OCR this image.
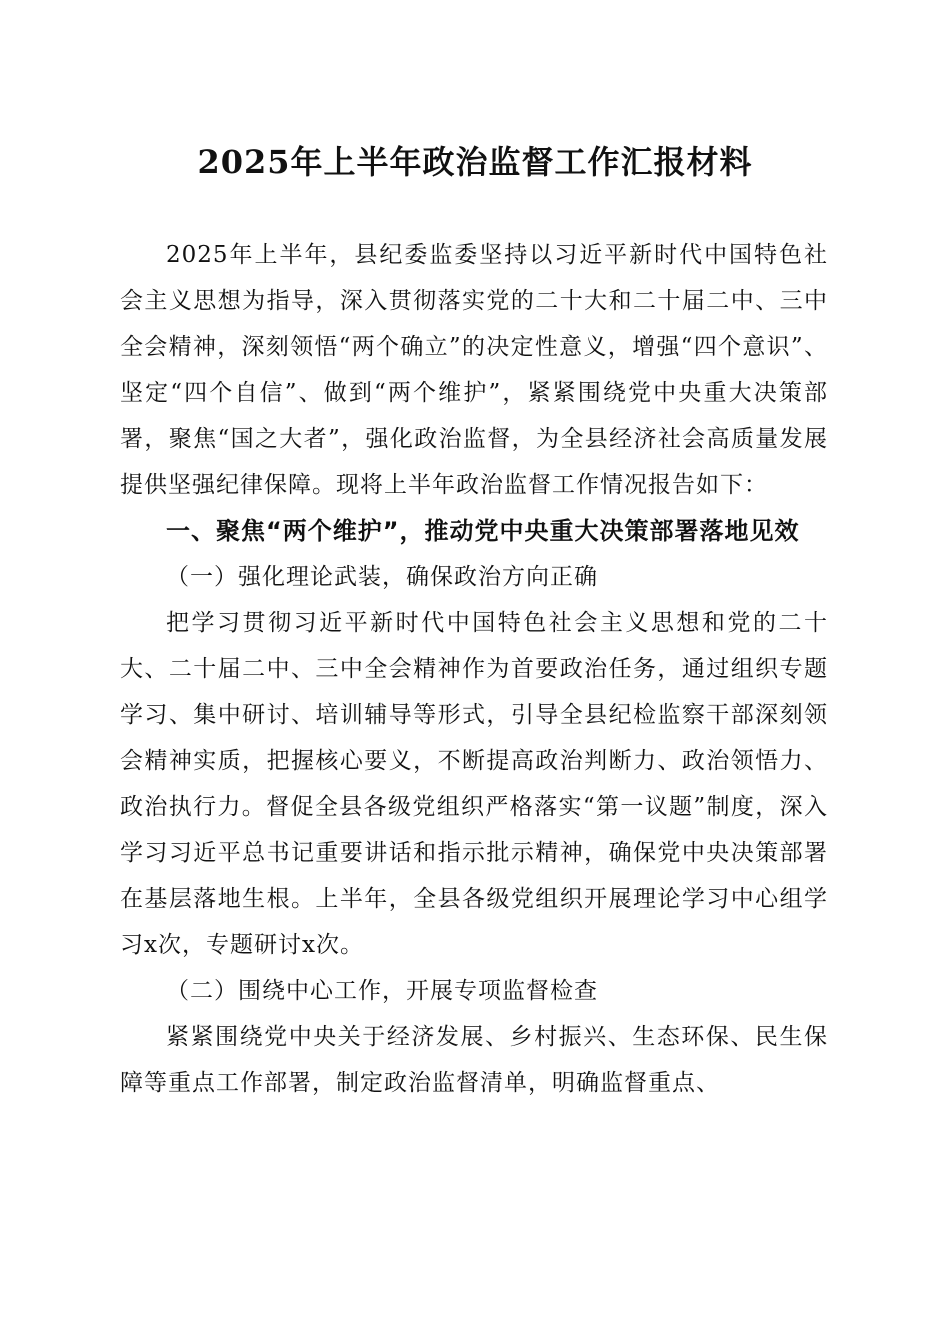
2025年上半年政治监督工作汇报材料

2025年上半年，县纪委监委坚持以习近平新时代中国特色社会主义思想为指导，深入贯彻落实党的二十大和二十届二中、三中全会精神，深刻领悟“两个确立”的决定性意义，增强“四个意识”、坚定“四个自信”、做到“两个维护”，紧紧围绕党中央重大决策部署，聚焦“国之大者”，强化政治监督，为全县经济社会高质量发展提供坚强纪律保障。现将上半年政治监督工作情况报告如下：

一、聚焦“两个维护”，推动党中央重大决策部署落地见效

（一）强化理论武装，确保政治方向正确

把学习贯彻习近平新时代中国特色社会主义思想和党的二十大、二十届二中、三中全会精神作为首要政治任务，通过组织专题学习、集中研讨、培训辅导等形式，引导全县纪检监察干部深刻领会精神实质，把握核心要义，不断提高政治判断力、政治领悟力、政治执行力。督促全县各级党组织严格落实“第一议题”制度，深入学习习近平总书记重要讲话和指示批示精神，确保党中央决策部署在基层落地生根。上半年，全县各级党组织开展理论学习中心组学习x次，专题研讨x次。

（二）围绕中心工作，开展专项监督检查

紧紧围绕党中央关于经济发展、乡村振兴、生态环保、民生保障等重点工作部署，制定政治监督清单，明确监督重点、
